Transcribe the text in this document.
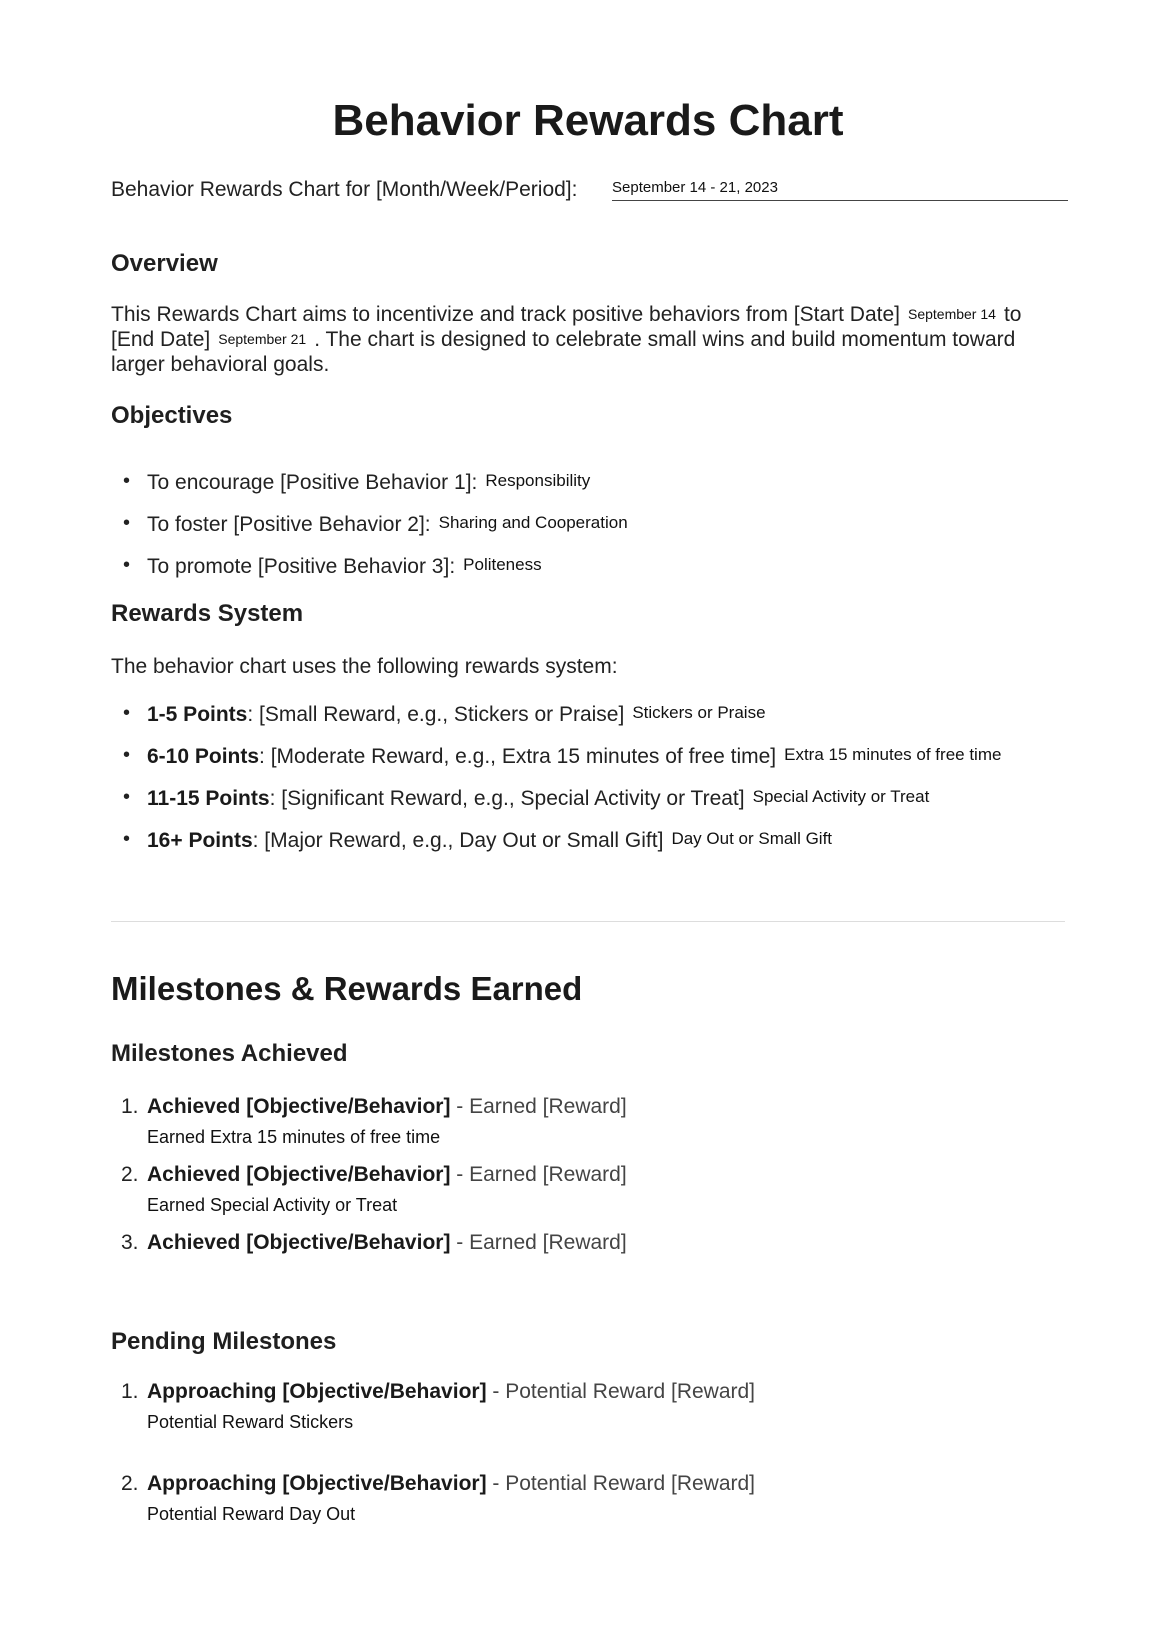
Behavior Rewards Chart
Behavior Rewards Chart for [Month/Week/Period]: September 14 - 21, 2023
Overview

This Rewards Chart aims to incentivize and track positive behaviors from [Start Date] September 14 to
[End Date] September 21 . The chart is designed to celebrate small wins and build momentum toward
larger behavioral goals.

Objectives
• To encourage [Positive Behavior 1]: Responsibility
• To foster [Positive Behavior 2]: Sharing and Cooperation
• To promote [Positive Behavior 3]: Politeness
Rewards System

The behavior chart uses the following rewards system:

• 1-5 Points: [Small Reward, e.g., Stickers or Praise] Stickers or Praise
• 6-10 Points: [Moderate Reward, e.g., Extra 15 minutes of free time] Extra 15 minutes of free time
• 11-15 Points: [Significant Reward, e.g., Special Activity or Treat] Special Activity or Treat
• 16+ Points: [Major Reward, e.g., Day Out or Small Gift] Day Out or Small Gift
Milestones & Rewards Earned
Milestones Achieved
1. Achieved [Objective/Behavior] - Earned [Reward]
Earned Extra 15 minutes of free time
2. Achieved [Objective/Behavior] - Earned [Reward]
Earned Special Activity or Treat
3. Achieved [Objective/Behavior] - Earned [Reward]
Pending Milestones
1. Approaching [Objective/Behavior] - Potential Reward [Reward]
Potential Reward Stickers
2. Approaching [Objective/Behavior] - Potential Reward [Reward]
Potential Reward Day Out
